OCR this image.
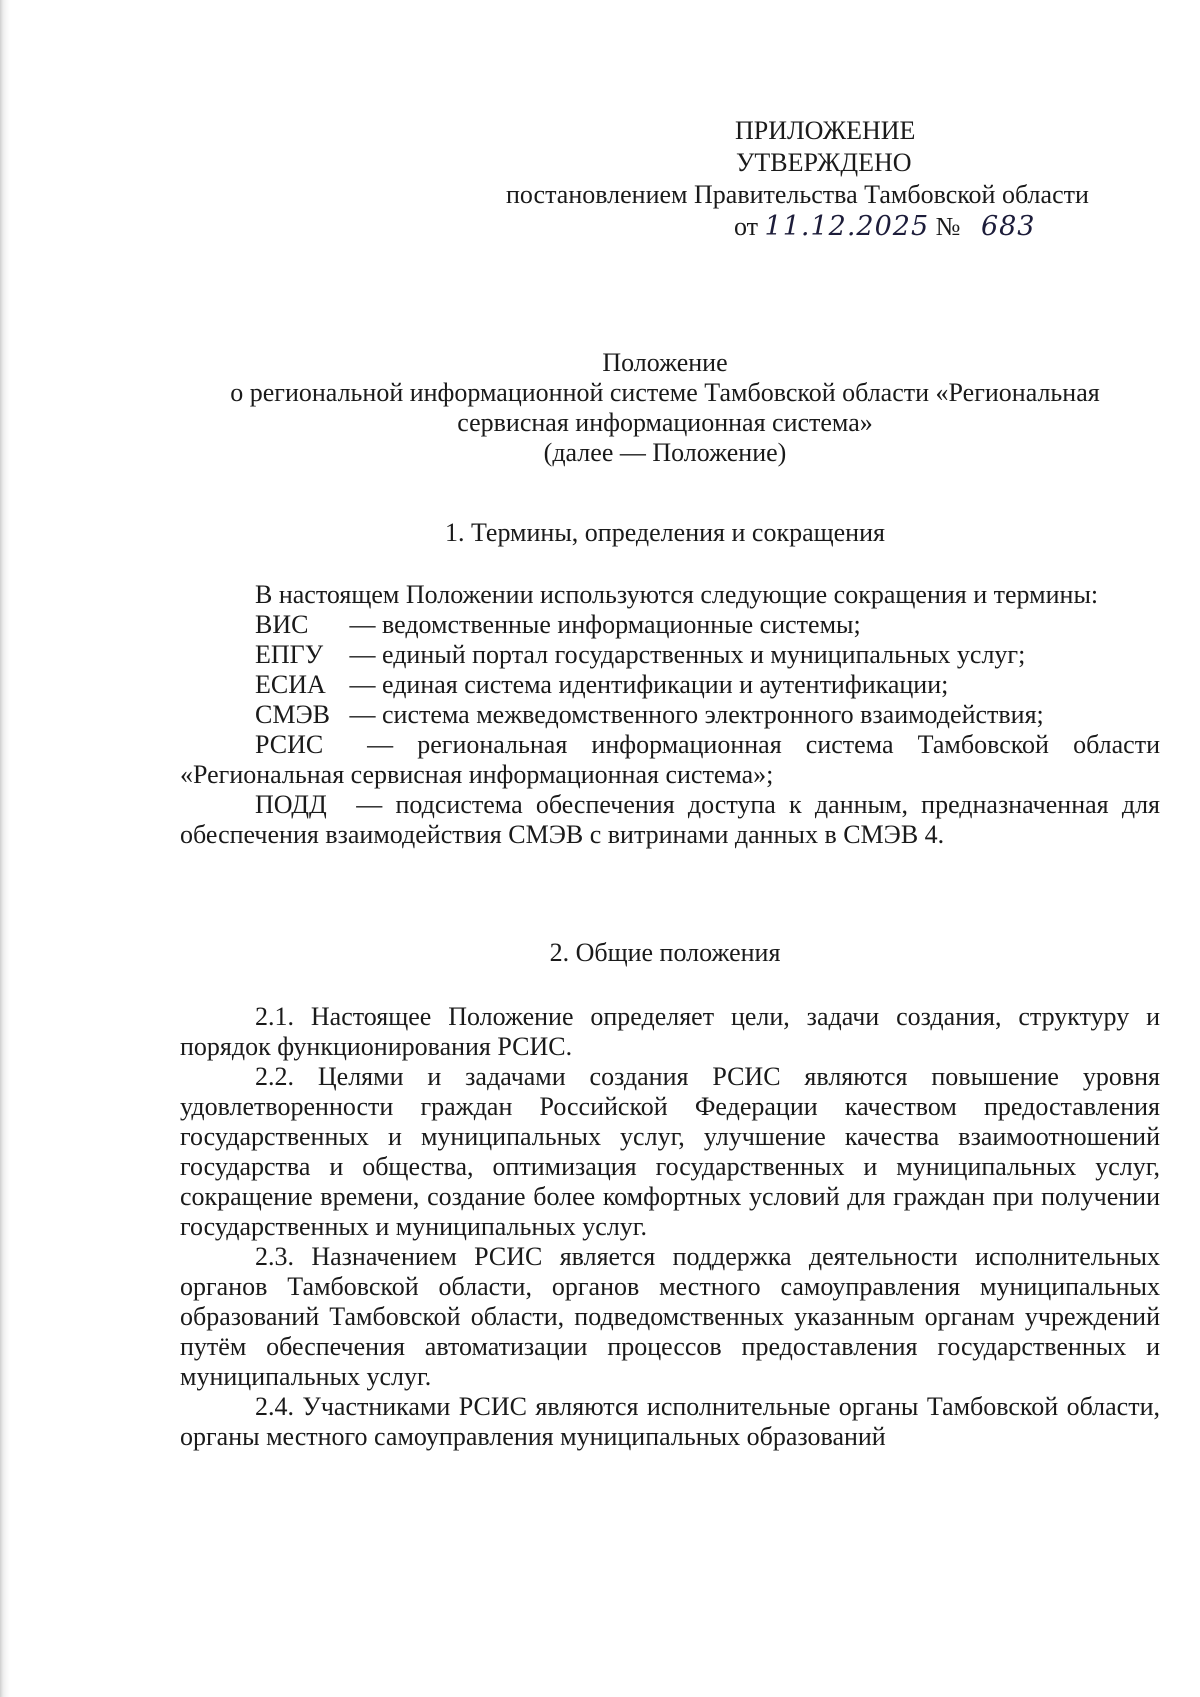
ПРИЛОЖЕНИЕ
УТВЕРЖДЕНО
постановлением Правительства Тамбовской области
от 11.12.2025 № 683
Положение
о региональной информационной системе Тамбовской области «Региональная
сервисная информационная система»
(далее — Положение)
1. Термины, определения и сокращения

В настоящем Положении используются следующие сокращения и термины:

ВИС — ведомственные информационные системы;

ЕПГУ — единый портал государственных и муниципальных услуг;

ЕСИА — единая система идентификации и аутентификации;

СМЭВ — система межведомственного электронного взаимодействия;

РСИС — региональная информационная система Тамбовской области «Региональная сервисная информационная система»;

ПОДД — подсистема обеспечения доступа к данным, предназначенная для обеспечения взаимодействия СМЭВ с витринами данных в СМЭВ 4.

2. Общие положения

2.1. Настоящее Положение определяет цели, задачи создания, структуру и порядок функционирования РСИС.

2.2. Целями и задачами создания РСИС являются повышение уровня удовлетворенности граждан Российской Федерации качеством предоставления государственных и муниципальных услуг, улучшение качества взаимоотношений государства и общества, оптимизация государственных и муниципальных услуг, сокращение времени, создание более комфортных условий для граждан при получении государственных и муниципальных услуг.

2.3. Назначением РСИС является поддержка деятельности исполнительных органов Тамбовской области, органов местного самоуправления муниципальных образований Тамбовской области, подведомственных указанным органам учреждений путём обеспечения автоматизации процессов предоставления государственных и муниципальных услуг.

2.4. Участниками РСИС являются исполнительные органы Тамбовской области, органы местного самоуправления муниципальных образований
